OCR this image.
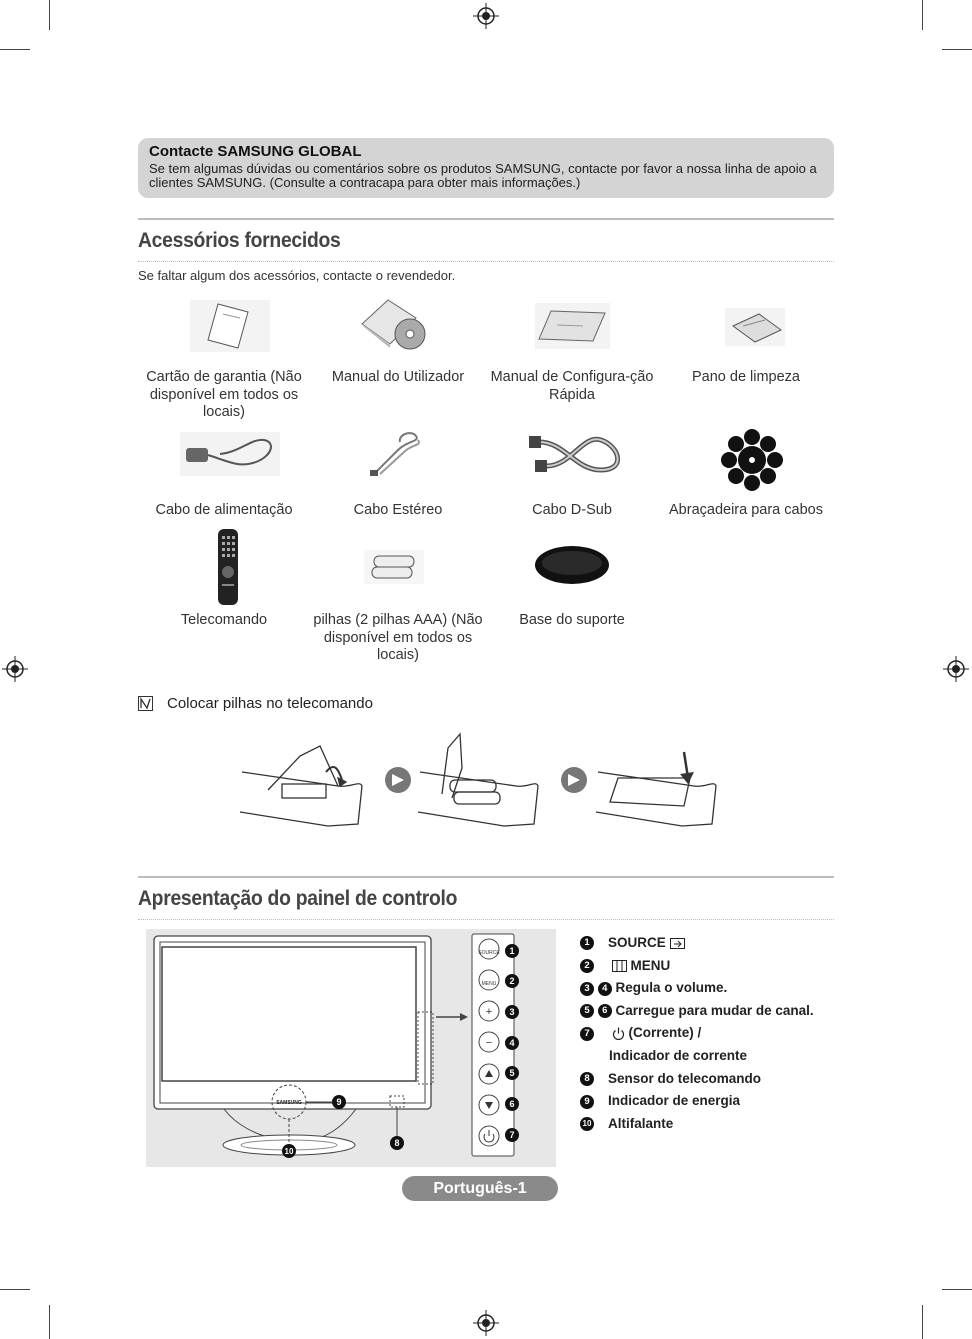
Contacte SAMSUNG GLOBAL
Se tem algumas dúvidas ou comentários sobre os produtos SAMSUNG, contacte por favor a nossa linha de apoio a clientes SAMSUNG. (Consulte a contracapa para obter mais informações.)
Acessórios fornecidos
Se faltar algum dos acessórios, contacte o revendedor.
Cartão de garantia (Não disponível em todos os locais)
Manual do Utilizador	Manual de Configura-ção Rápida
Pano de limpeza
Cabo de alimentação	Cabo Estéreo	Cabo D-Sub	Abraçadeira para cabos
Telecomando	pilhas (2 pilhas AAA) (Não disponível em todos os locais)
Base do suporte
Colocar pilhas no telecomando
Apresentação do painel de controlo
SAMSUNG
SOURCE
MENU
+
−
1
2
3
4
5
6
7
9
8
10
1 SOURCE
2	MENU
3 4 Regula o volume.
5 6 Carregue para mudar de canal.
7	(Corrente) /
Indicador de corrente
8 Sensor do telecomando
9 Indicador de energia
10 Altifalante
Português-1
